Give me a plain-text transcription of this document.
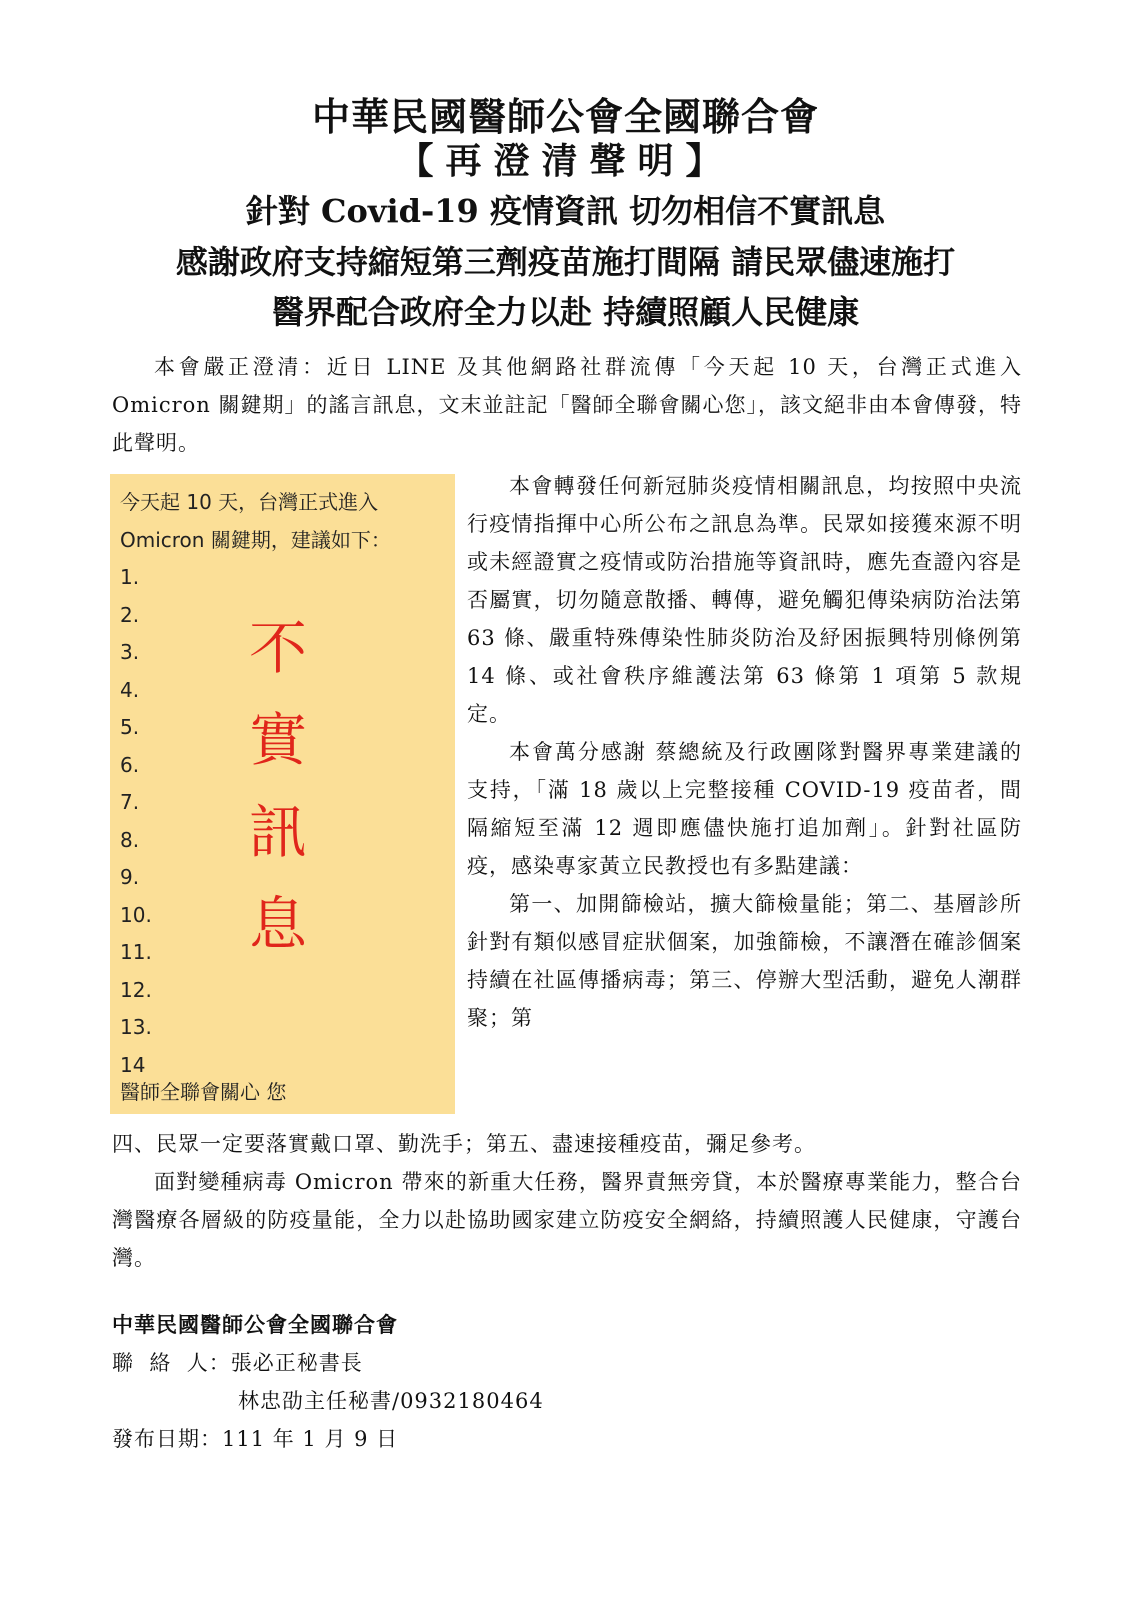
中華民國醫師公會全國聯合會
【再澄清聲明】
針對 Covid-19 疫情資訊 切勿相信不實訊息
感謝政府支持縮短第三劑疫苗施打間隔 請民眾儘速施打
醫界配合政府全力以赴 持續照顧人民健康

本會嚴正澄清：近日 LINE 及其他網路社群流傳「今天起 10 天，台灣正式進入 Omicron 關鍵期」的謠言訊息，文末並註記「醫師全聯會關心您」，該文絕非由本會傳發，特此聲明。

今天起 10 天，台灣正式進入
Omicron 關鍵期，建議如下：
1.
2.
3.
4.
5.
6.
7.
8.
9.
10.
11.
12.
13.
14
不
實
訊
息
醫師全聯會關心 您

本會轉發任何新冠肺炎疫情相關訊息，均按照中央流行疫情指揮中心所公布之訊息為準。民眾如接獲來源不明或未經證實之疫情或防治措施等資訊時，應先查證內容是否屬實，切勿隨意散播、轉傳，避免觸犯傳染病防治法第 63 條、嚴重特殊傳染性肺炎防治及紓困振興特別條例第 14 條、或社會秩序維護法第 63 條第 1 項第 5 款規定。

本會萬分感謝 蔡總統及行政團隊對醫界專業建議的支持，「滿 18 歲以上完整接種 COVID-19 疫苗者，間隔縮短至滿 12 週即應儘快施打追加劑」。針對社區防疫，感染專家黃立民教授也有多點建議：

第一、加開篩檢站，擴大篩檢量能；第二、基層診所針對有類似感冒症狀個案，加強篩檢，不讓潛在確診個案持續在社區傳播病毒；第三、停辦大型活動，避免人潮群聚；第

四、民眾一定要落實戴口罩、勤洗手；第五、盡速接種疫苗，彌足參考。

面對變種病毒 Omicron 帶來的新重大任務，醫界責無旁貸，本於醫療專業能力，整合台灣醫療各層級的防疫量能，全力以赴協助國家建立防疫安全網絡，持續照護人民健康，守護台灣。

中華民國醫師公會全國聯合會
聯  絡  人：張必正秘書長
林忠劭主任秘書/0932180464
發布日期：111 年 1 月 9 日
